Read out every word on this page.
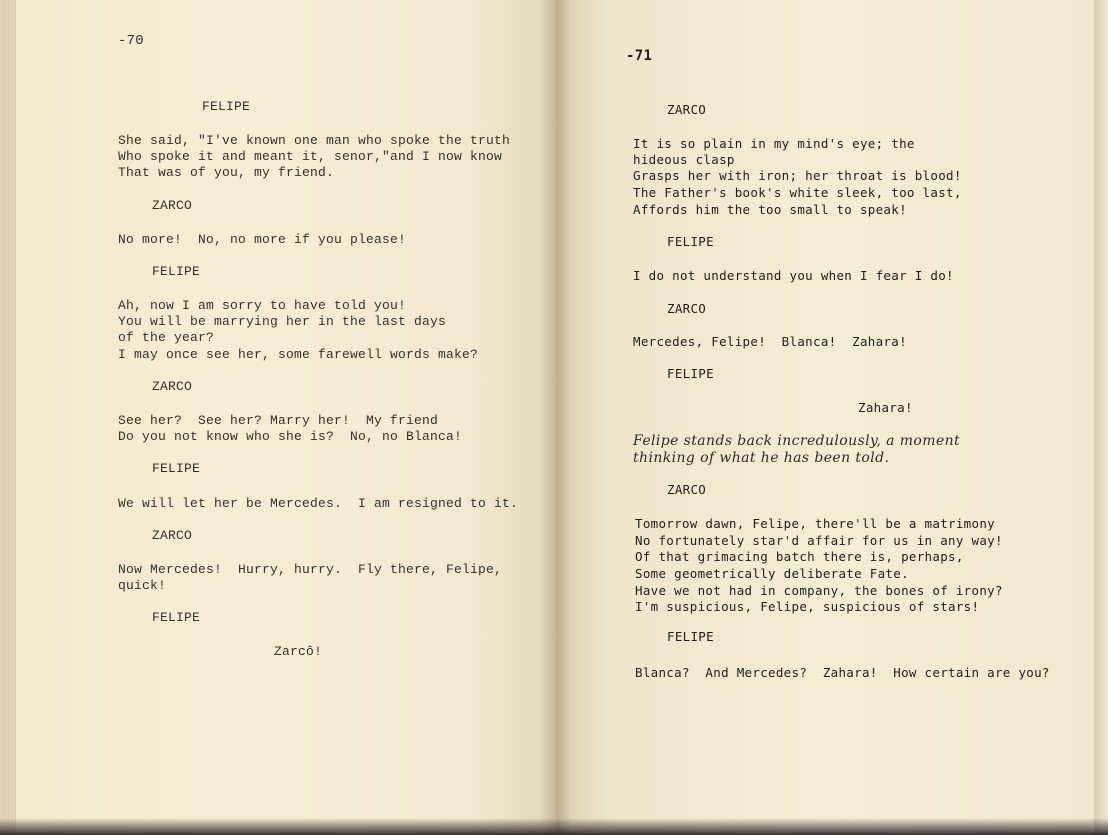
-70
FELIPE
She said, "I've known one man who spoke the truth
Who spoke it and meant it, senor,"and I now know
That was of you, my friend.
ZARCO
No more!  No, no more if you please!
FELIPE
Ah, now I am sorry to have told you!
You will be marrying her in the last days
of the year?
I may once see her, some farewell words make?
ZARCO
See her?  See her? Marry her!  My friend
Do you not know who she is?  No, no Blanca!
FELIPE
We will let her be Mercedes.  I am resigned to it.
ZARCO
Now Mercedes!  Hurry, hurry.  Fly there, Felipe,
quick!
FELIPE
Zarcô!
-71
ZARCO
It is so plain in my mind's eye; the
hideous clasp
Grasps her with iron; her throat is blood!
The Father's book's white sleek, too last,
Affords him the too small to speak!
FELIPE
I do not understand you when I fear I do!
ZARCO
Mercedes, Felipe!  Blanca!  Zahara!
FELIPE
Zahara!
Felipe stands back incredulously, a moment
thinking of what he has been told.
ZARCO
Tomorrow dawn, Felipe, there'll be a matrimony
No fortunately star'd affair for us in any way!
Of that grimacing batch there is, perhaps,
Some geometrically deliberate Fate.
Have we not had in company, the bones of irony?
I'm suspicious, Felipe, suspicious of stars!
FELIPE
Blanca?  And Mercedes?  Zahara!  How certain are you?
